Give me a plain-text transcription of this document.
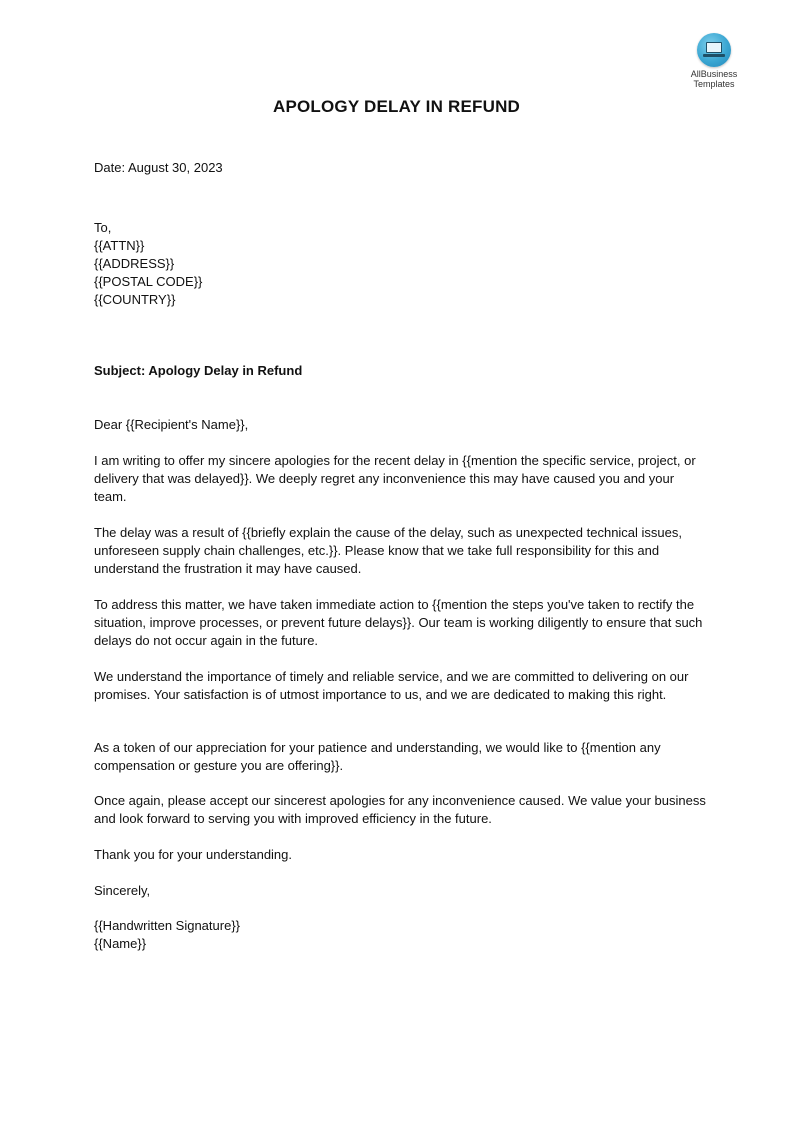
AllBusiness
Templates
APOLOGY DELAY IN REFUND
Date: August 30, 2023

To,

{{ATTN}}

{{ADDRESS}}

{{POSTAL CODE}}

{{COUNTRY}}

Subject: Apology Delay in Refund
Dear {{Recipient's Name}},
I am writing to offer my sincere apologies for the recent delay in {{mention the specific service, project, or delivery that was delayed}}. We deeply regret any inconvenience this may have caused you and your team.
The delay was a result of {{briefly explain the cause of the delay, such as unexpected technical issues, unforeseen supply chain challenges, etc.}}. Please know that we take full responsibility for this and understand the frustration it may have caused.
To address this matter, we have taken immediate action to {{mention the steps you've taken to rectify the situation, improve processes, or prevent future delays}}. Our team is working diligently to ensure that such delays do not occur again in the future.
We understand the importance of timely and reliable service, and we are committed to delivering on our promises. Your satisfaction is of utmost importance to us, and we are dedicated to making this right.
As a token of our appreciation for your patience and understanding, we would like to {{mention any compensation or gesture you are offering}}.
Once again, please accept our sincerest apologies for any inconvenience caused. We value your business and look forward to serving you with improved efficiency in the future.
Thank you for your understanding.
Sincerely,

{{Handwritten Signature}}

{{Name}}
